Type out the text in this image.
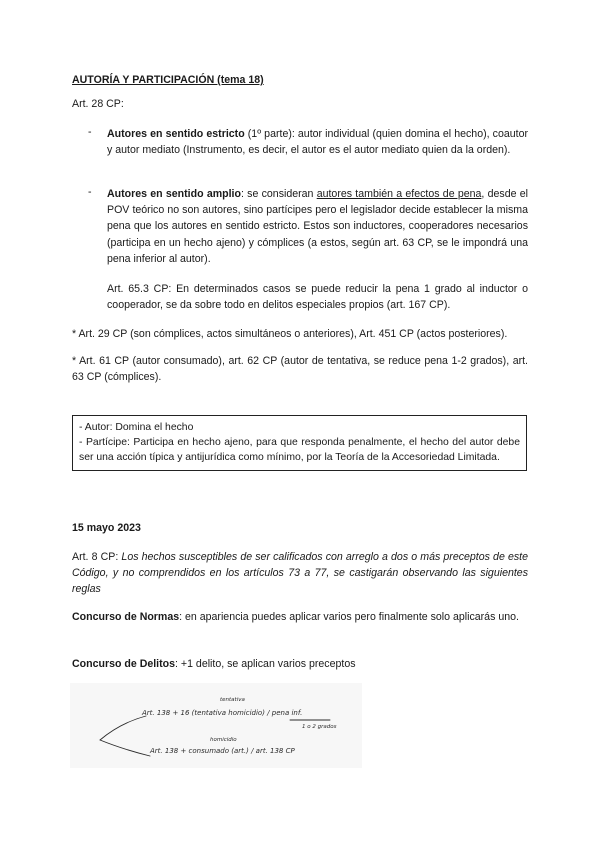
AUTORÍA Y PARTICIPACIÓN (tema 18)
Art. 28 CP:
- Autores en sentido estricto (1º parte): autor individual (quien domina el hecho), coautor y autor mediato (Instrumento, es decir, el autor es el autor mediato quien da la orden).
- Autores en sentido amplio: se consideran autores también a efectos de pena, desde el POV teórico no son autores, sino partícipes pero el legislador decide establecer la misma pena que los autores en sentido estricto. Estos son inductores, cooperadores necesarios (participa en un hecho ajeno) y cómplices (a estos, según art. 63 CP, se le impondrá una pena inferior al autor).
Art. 65.3 CP: En determinados casos se puede reducir la pena 1 grado al inductor o cooperador, se da sobre todo en delitos especiales propios (art. 167 CP).
* Art. 29 CP (son cómplices, actos simultáneos o anteriores), Art. 451 CP (actos posteriores).
* Art. 61 CP (autor consumado), art. 62 CP (autor de tentativa, se reduce pena 1-2 grados), art. 63 CP (cómplices).
- Autor: Domina el hecho
- Partícipe: Participa en hecho ajeno, para que responda penalmente, el hecho del autor debe ser una acción típica y antijurídica como mínimo, por la Teoría de la Accesoriedad Limitada.
15 mayo 2023
Art. 8 CP: Los hechos susceptibles de ser calificados con arreglo a dos o más preceptos de este Código, y no comprendidos en los artículos 73 a 77, se castigarán observando las siguientes reglas
Concurso de Normas: en apariencia puedes aplicar varios pero finalmente solo aplicarás uno.
Concurso de Delitos: +1 delito, se aplican varios preceptos
tentativa
Art. 138 + 16 (tentativa homicidio) / pena inf.
1 o 2 grados
homicidio
Art. 138 + consumado (art.) / art. 138 CP
